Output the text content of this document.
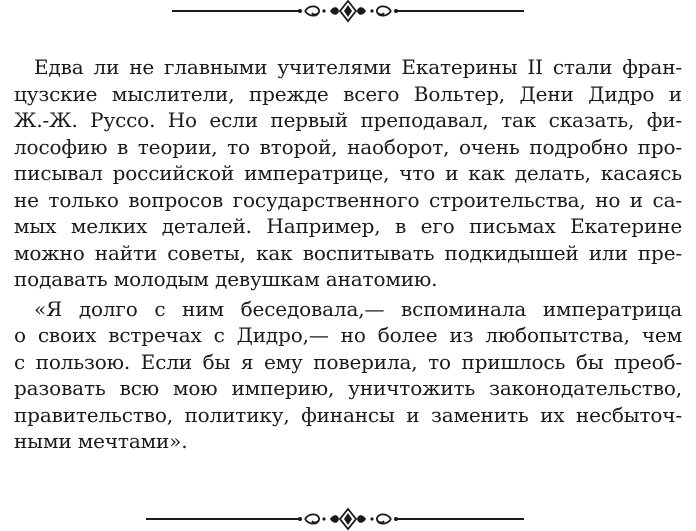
Едва ли не главными учителями Екатерины II стали фран-
цузские мыслители, прежде всего Вольтер, Дени Дидро и
Ж.-Ж. Руссо. Но если первый преподавал, так сказать, фи-
лософию в теории, то второй, наоборот, очень подробно про-
писывал российской императрице, что и как делать, касаясь
не только вопросов государственного строительства, но и са-
мых мелких деталей. Например, в его письмах Екатерине
можно найти советы, как воспитывать подкидышей или пре-
подавать молодым девушкам анатомию.
«Я долго с ним беседовала,— вспоминала императрица
о своих встречах с Дидро,— но более из любопытства, чем
с пользою. Если бы я ему поверила, то пришлось бы преоб-
разовать всю мою империю, уничтожить законодательство,
правительство, политику, финансы и заменить их несбыточ-
ными мечтами».
